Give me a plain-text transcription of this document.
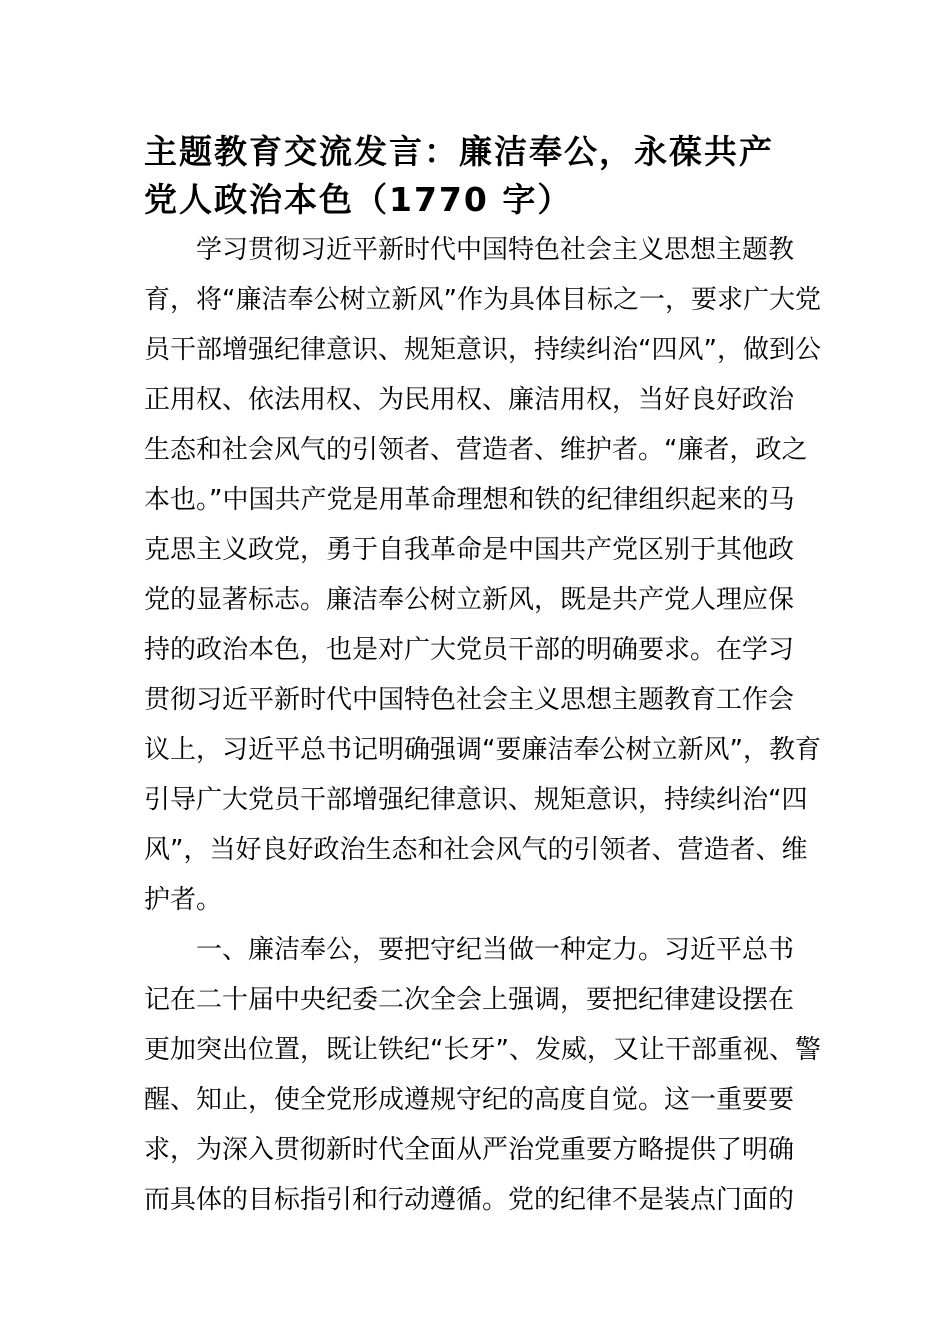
主题教育交流发言：廉洁奉公，永葆共产
党人政治本色（1770 字）
学习贯彻习近平新时代中国特色社会主义思想主题教
育，将“廉洁奉公树立新风”作为具体目标之一，要求广大党
员干部增强纪律意识、规矩意识，持续纠治“四风”，做到公
正用权、依法用权、为民用权、廉洁用权，当好良好政治
生态和社会风气的引领者、营造者、维护者。“廉者，政之
本也。”中国共产党是用革命理想和铁的纪律组织起来的马
克思主义政党，勇于自我革命是中国共产党区别于其他政
党的显著标志。廉洁奉公树立新风，既是共产党人理应保
持的政治本色，也是对广大党员干部的明确要求。在学习
贯彻习近平新时代中国特色社会主义思想主题教育工作会
议上，习近平总书记明确强调“要廉洁奉公树立新风”，教育
引导广大党员干部增强纪律意识、规矩意识，持续纠治“四
风”，当好良好政治生态和社会风气的引领者、营造者、维
护者。
一、廉洁奉公，要把守纪当做一种定力。习近平总书
记在二十届中央纪委二次全会上强调，要把纪律建设摆在
更加突出位置，既让铁纪“长牙”、发威，又让干部重视、警
醒、知止，使全党形成遵规守纪的高度自觉。这一重要要
求，为深入贯彻新时代全面从严治党重要方略提供了明确
而具体的目标指引和行动遵循。党的纪律不是装点门面的
